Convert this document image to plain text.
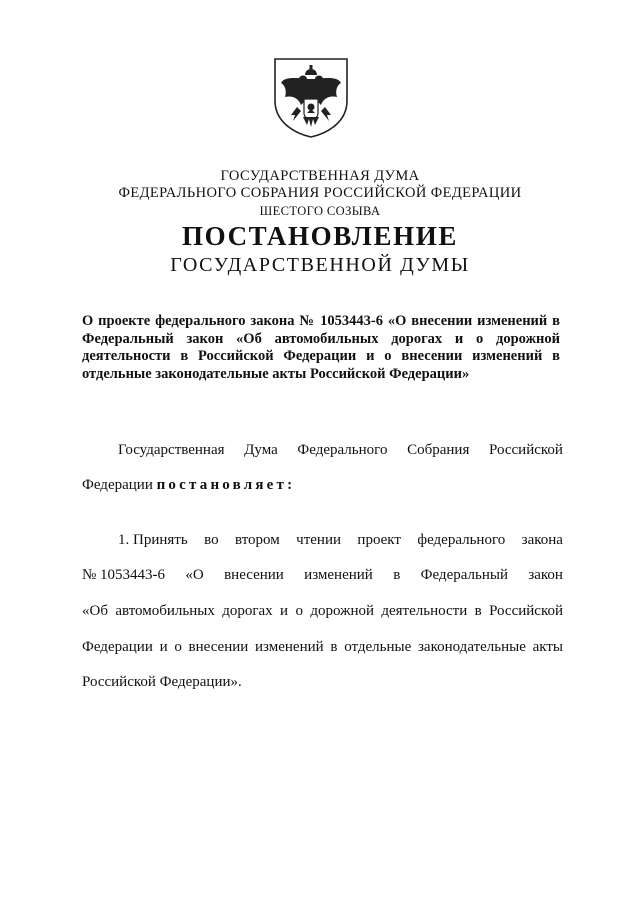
ГОСУДАРСТВЕННАЯ ДУМА
ФЕДЕРАЛЬНОГО СОБРАНИЯ РОССИЙСКОЙ ФЕДЕРАЦИИ
ШЕСТОГО СОЗЫВА
ПОСТАНОВЛЕНИЕ
ГОСУДАРСТВЕННОЙ ДУМЫ
О проекте федерального закона № 1053443-6 «О внесении изменений в
Федеральный закон «Об автомобильных дорогах и о дорожной
деятельности в Российской Федерации и о внесении изменений в
отдельные законодательные акты Российской Федерации»
Государственная Дума Федерального Собрания Российской
Федерации постановляет:
1. Принять во втором чтении проект федерального закона
№ 1053443-6 «О внесении изменений в Федеральный закон
«Об автомобильных дорогах и о дорожной деятельности в Российской
Федерации и о внесении изменений в отдельные законодательные акты
Российской Федерации».
